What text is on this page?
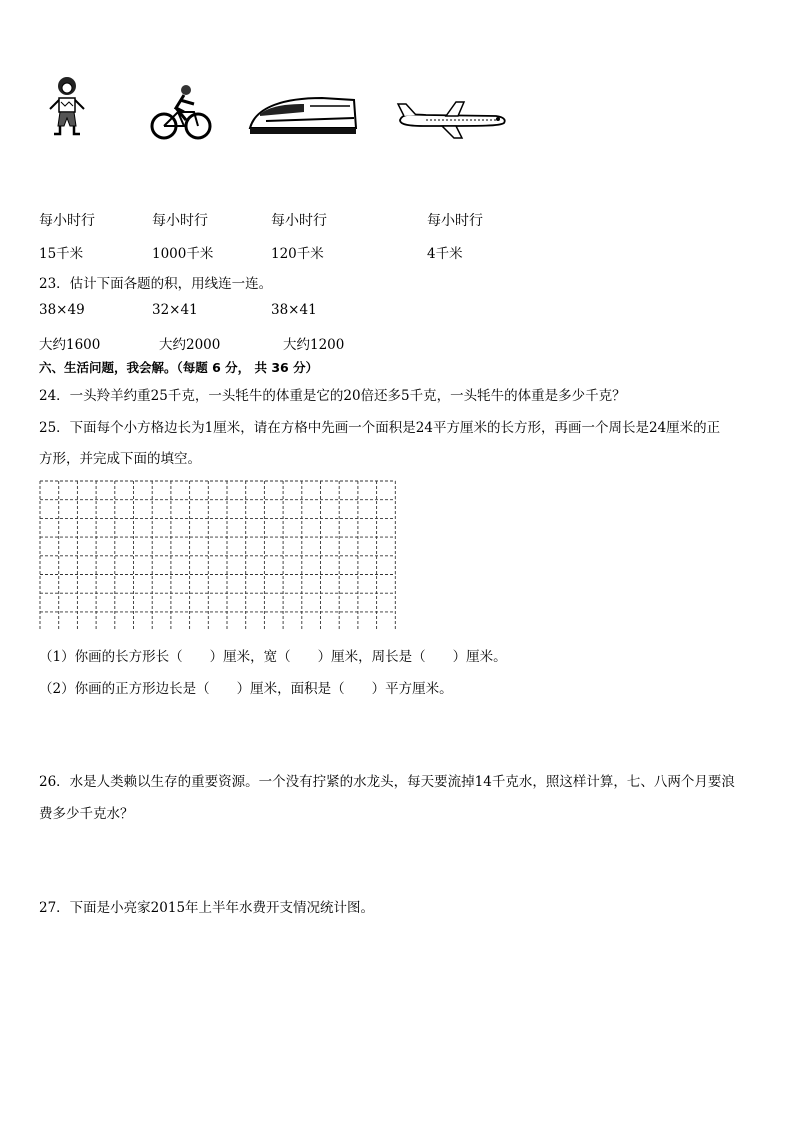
每小时行	每小时行	每小时行	每小时行
15千米	1000千米	120千米	4千米
23．估计下面各题的积，用线连一连。
38×49	32×41	38×41
大约1600	大约2000	大约1200
六、生活问题，我会解。（每题 6 分， 共 36 分）
24．一头羚羊约重25千克，一头牦牛的体重是它的20倍还多5千克，一头牦牛的体重是多少千克？
25．下面每个小方格边长为1厘米，请在方格中先画一个面积是24平方厘米的长方形，再画一个周长是24厘米的正
方形，并完成下面的填空。
（1）你画的长方形长（　　）厘米，宽（　　）厘米，周长是（　　）厘米。
（2）你画的正方形边长是（　　）厘米，面积是（　　）平方厘米。
26．水是人类赖以生存的重要资源。一个没有拧紧的水龙头，每天要流掉14千克水，照这样计算，七、八两个月要浪
费多少千克水？
27．下面是小亮家2015年上半年水费开支情况统计图。
